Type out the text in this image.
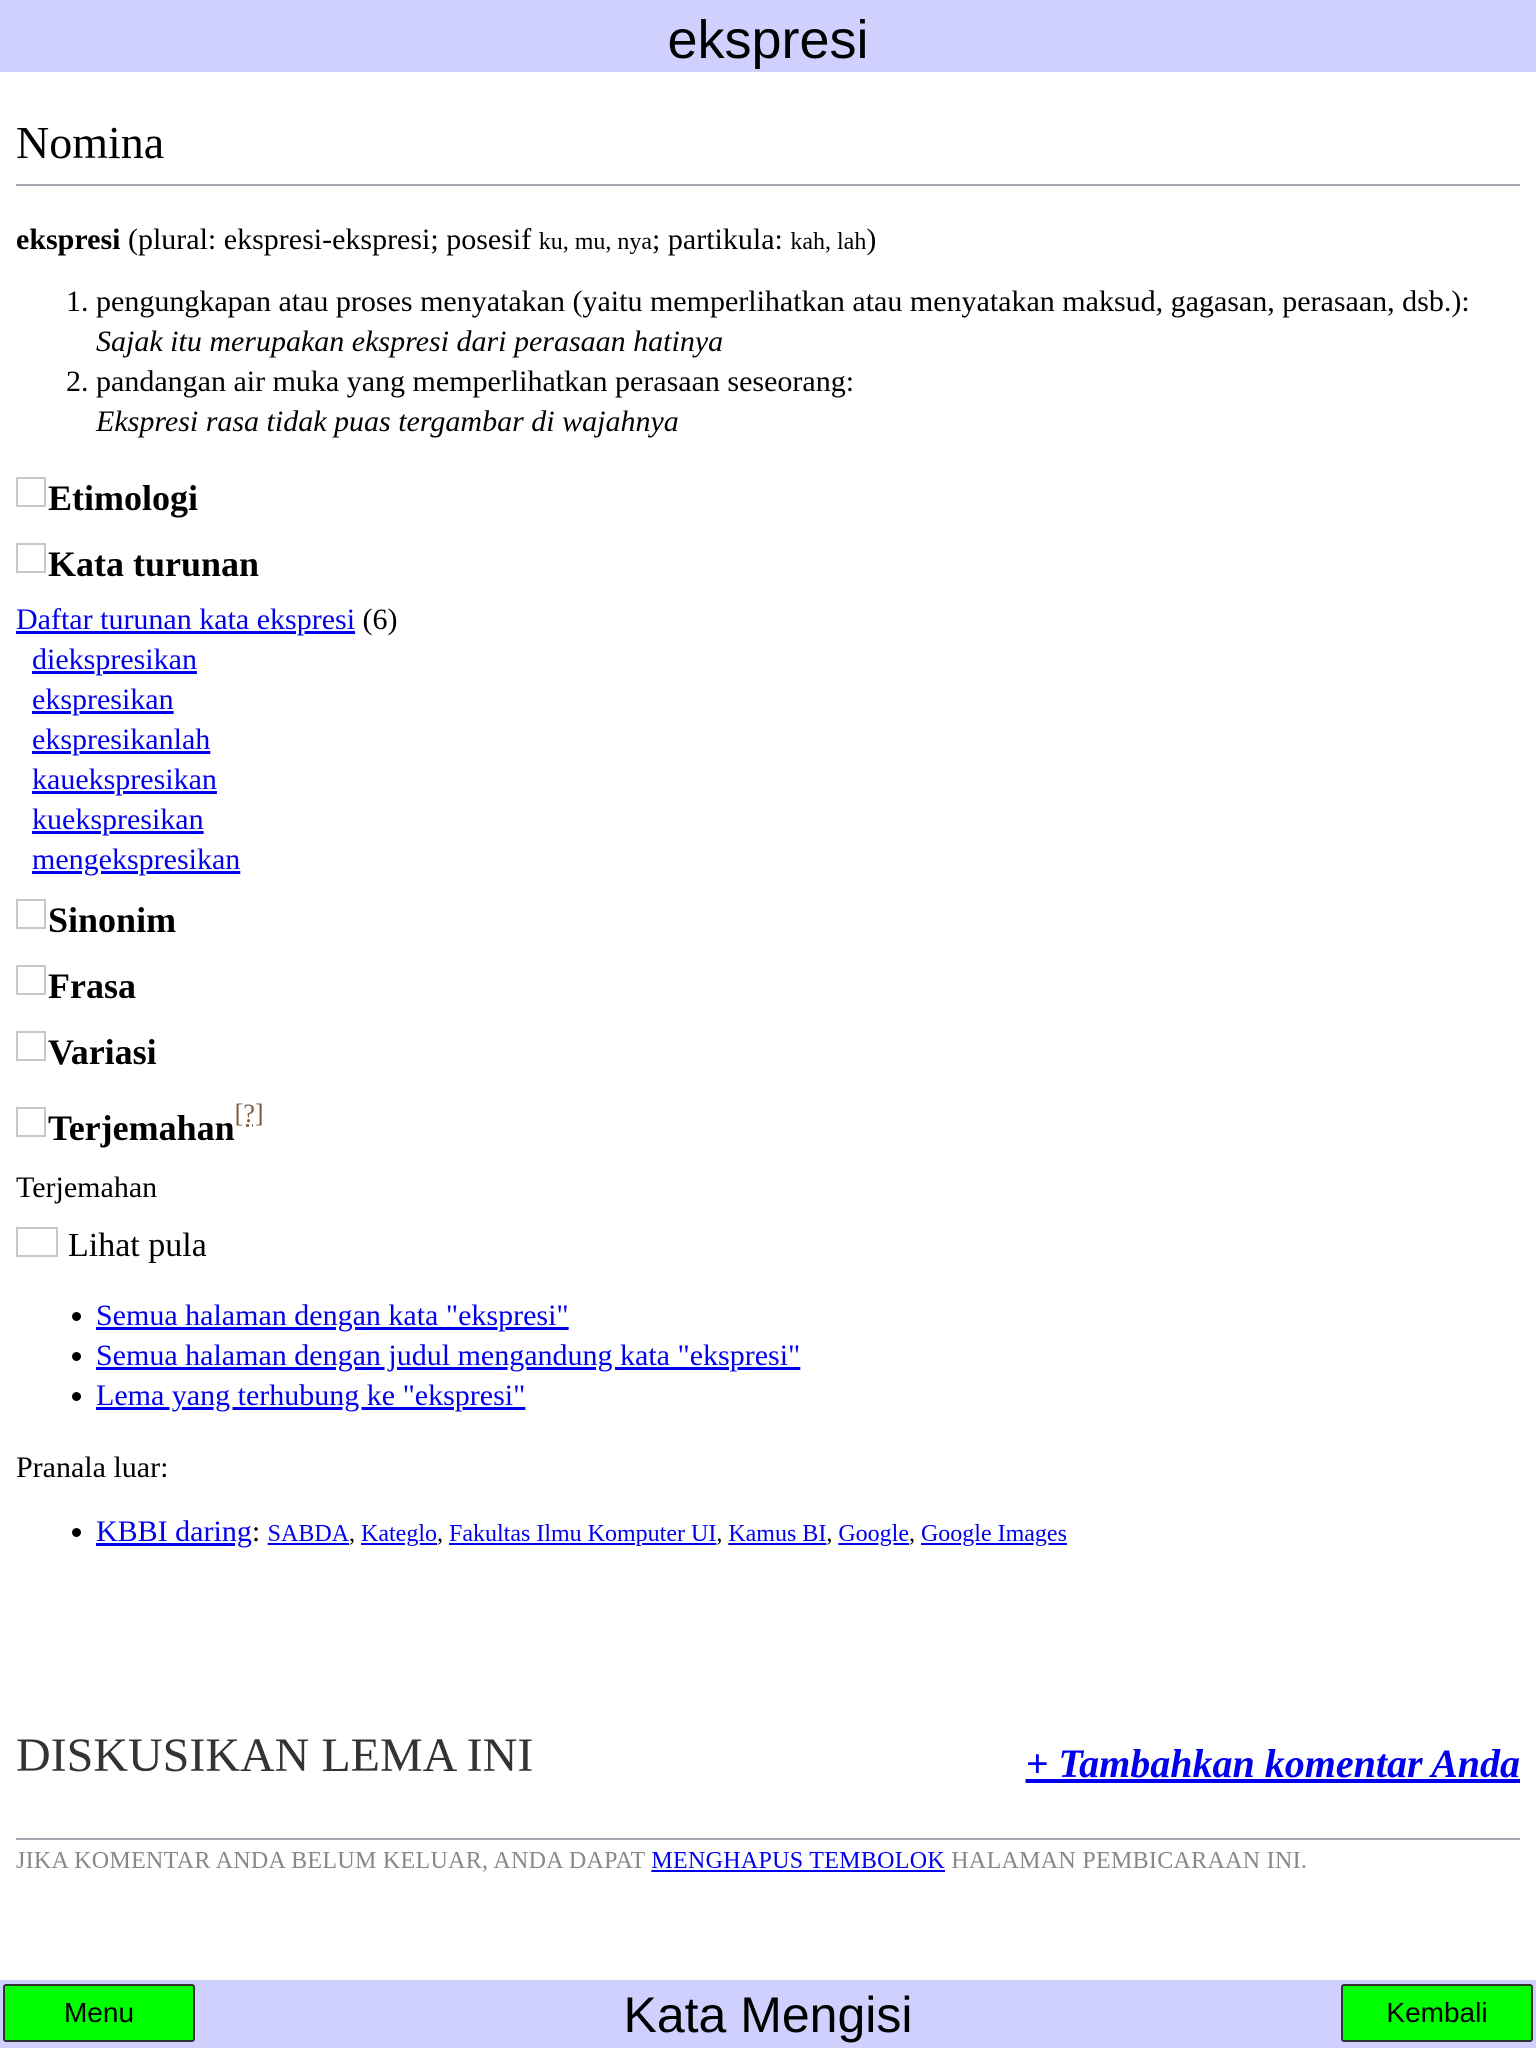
ekspresi
Nomina
ekspresi (plural: ekspresi-ekspresi; posesif ku, mu, nya; partikula: kah, lah)
1. pengungkapan atau proses menyatakan (yaitu memperlihatkan atau menyatakan maksud, gagasan, perasaan, dsb.):
Sajak itu merupakan ekspresi dari perasaan hatinya
2. pandangan air muka yang memperlihatkan perasaan seseorang:
Ekspresi rasa tidak puas tergambar di wajahnya
Etimologi
Kata turunan
Daftar turunan kata ekspresi (6)
diekspresikan
ekspresikan
ekspresikanlah
kauekspresikan
kuekspresikan
mengekspresikan
Sinonim
Frasa
Variasi
Terjemahan [?]
Terjemahan
Lihat pula
• Semua halaman dengan kata "ekspresi"
• Semua halaman dengan judul mengandung kata "ekspresi"
• Lema yang terhubung ke "ekspresi"
Pranala luar:
• KBBI daring: SABDA, Kateglo, Fakultas Ilmu Komputer UI, Kamus BI, Google, Google Images
DISKUSIKAN LEMA INI	+ Tambahkan komentar Anda
JIKA KOMENTAR ANDA BELUM KELUAR, ANDA DAPAT MENGHAPUS TEMBOLOK HALAMAN PEMBICARAAN INI.
Menu	Kata Mengisi	Kembali
